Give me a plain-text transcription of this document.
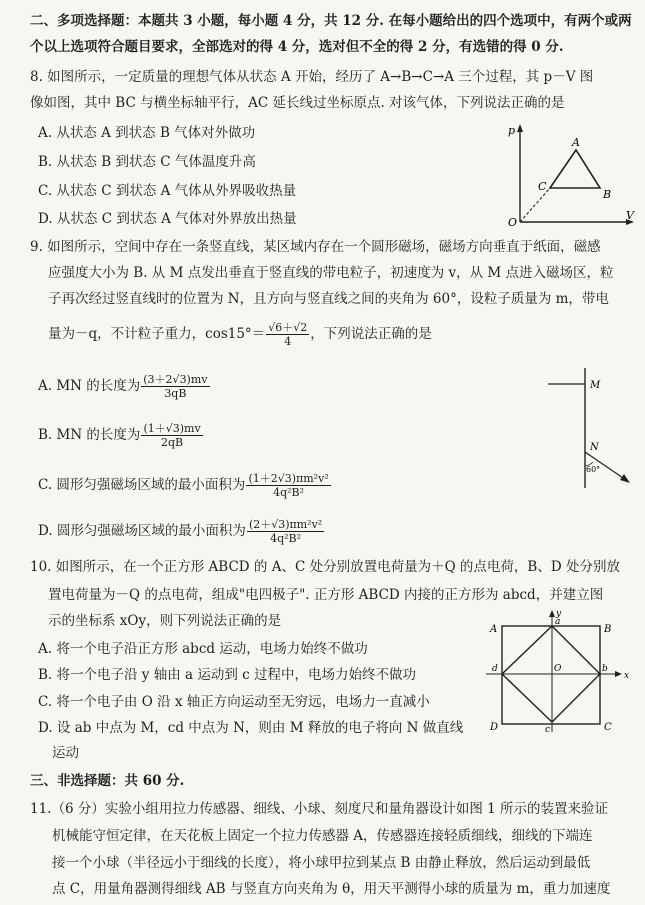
二、多项选择题：本题共 3 小题，每小题 4 分，共 12 分. 在每小题给出的四个选项中，有两个或两
个以上选项符合题目要求，全部选对的得 4 分，选对但不全的得 2 分，有选错的得 0 分.
8. 如图所示，一定质量的理想气体从状态 A 开始，经历了 A→B→C→A 三个过程，其 p－V 图
像如图，其中 BC 与横坐标轴平行，AC 延长线过坐标原点. 对该气体，下列说法正确的是
A. 从状态 A 到状态 B 气体对外做功
B. 从状态 B 到状态 C 气体温度升高
C. 从状态 C 到状态 A 气体从外界吸收热量
D. 从状态 C 到状态 A 气体对外界放出热量
p
V
O
A
B
C
9. 如图所示，空间中存在一条竖直线，某区域内存在一个圆形磁场，磁场方向垂直于纸面，磁感
应强度大小为 B. 从 M 点发出垂直于竖直线的带电粒子，初速度为 v，从 M 点进入磁场区，粒
子再次经过竖直线时的位置为 N，且方向与竖直线之间的夹角为 60°，设粒子质量为 m，带电
量为－q，不计粒子重力，$\cos 15^\circ= \frac{√6+√2}{4}$ ，下列说法正确的是
A. MN 的长度为 $\frac{(3+2√3)mv}{3qB}$
B. MN 的长度为 $\frac{(1+√3)mv}{2qB}$
C. 圆形匀强磁场区域的最小面积为 $\frac{\text{(1＋2√3)πm²v²}}{\text{4q²B²}}$
D. 圆形匀强磁场区域的最小面积为 $\frac{\text{(2＋√3)πm²v²}}{\text{4q²B²}}$
M
N
60°
10. 如图所示，在一个正方形 ABCD 的 A、C 处分别放置电荷量为＋Q 的点电荷，B、D 处分别放
置电荷量为－Q 的点电荷，组成"电四极子". 正方形 ABCD 内接的正方形为 abcd，并建立图
示的坐标系 xOy，则下列说法正确的是
A. 将一个电子沿正方形 abcd 运动，电场力始终不做功
B. 将一个电子沿 y 轴由 a 运动到 c 过程中，电场力始终不做功
C. 将一个电子由 O 沿 x 轴正方向运动至无穷远，电场力一直减小
D. 设 ab 中点为 M，cd 中点为 N，则由 M 释放的电子将向 N 做直线
运动
A	B
C
D
a
b
c
d	O
x
y
三、非选择题：共 60 分.
11.（6 分）实验小组用拉力传感器、细线、小球、刻度尺和量角器设计如图 1 所示的装置来验证
机械能守恒定律，在天花板上固定一个拉力传感器 A，传感器连接轻质细线，细线的下端连
接一个小球（半径远小于细线的长度），将小球甲拉到某点 B 由静止释放，然后运动到最低
点 C，用量角器测得细线 AB 与竖直方向夹角为 θ，用天平测得小球的质量为 m，重力加速度
